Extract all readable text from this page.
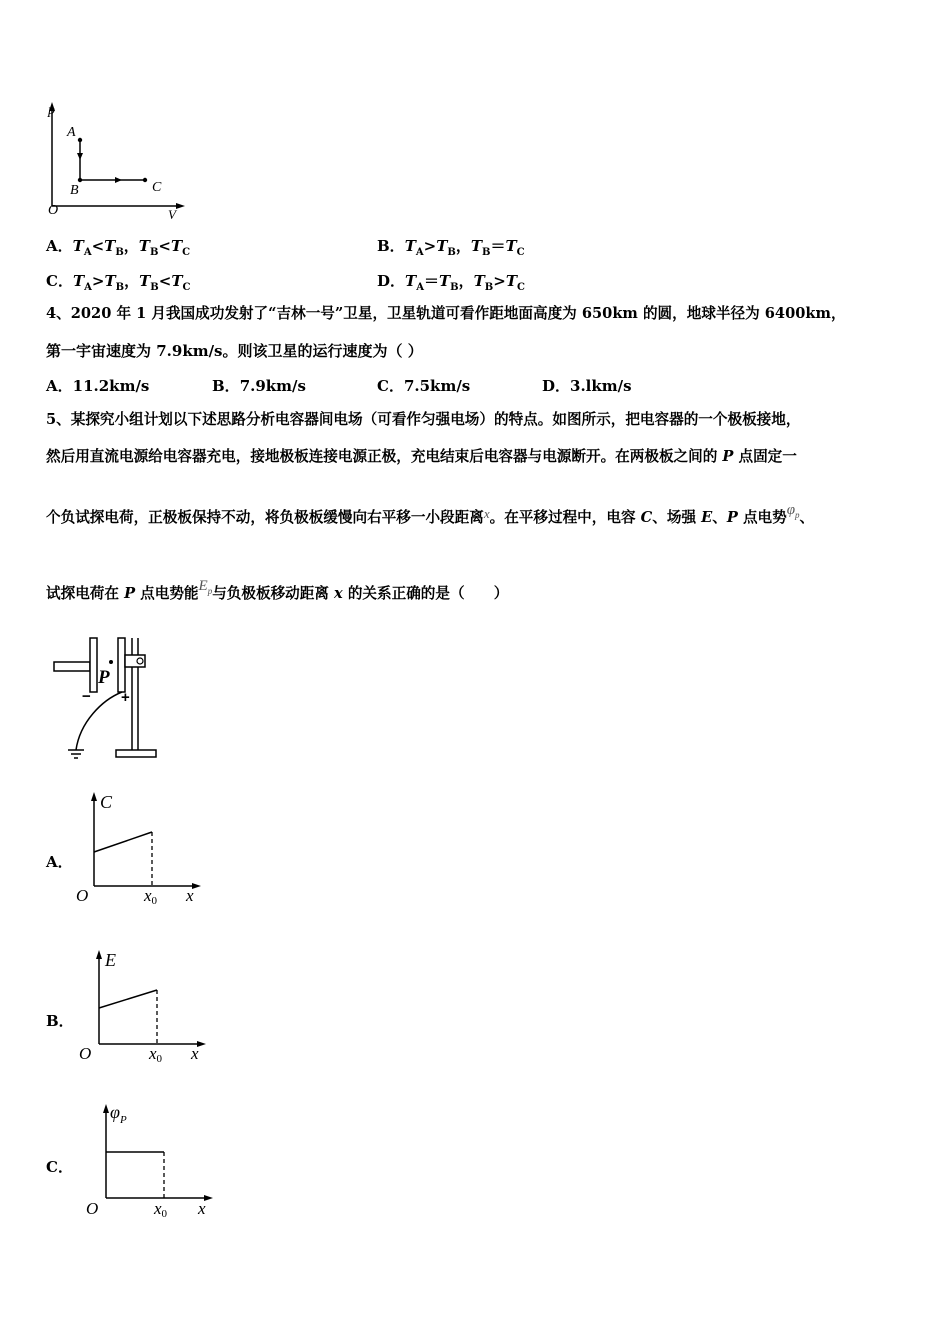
p
A
B	C
O	V
A．$T_A<T_B$，$T_B<T_C$	B．$T_A>T_B$，$T_B=T_C$
C．$T_A>T_B$，$T_B<T_C$	D．$T_A=T_B$，$T_B>T_C$
4、2020 年 1 月我国成功发射了“吉林一号”卫星，卫星轨道可看作距地面高度为 650km 的圆，地球半径为 6400km，
第一宇宙速度为 7.9km/s。则该卫星的运行速度为（ ）
A．11.2km/s	B．7.9km/s	C．7.5km/s	D．3.lkm/s
5、某探究小组计划以下述思路分析电容器间电场（可看作匀强电场）的特点。如图所示，把电容器的一个极板接地，
然后用直流电源给电容器充电，接地极板连接电源正极，充电结束后电容器与电源断开。在两极板之间的 P 点固定一
个负试探电荷，正极板保持不动，将负极板缓慢向右平移一小段距离x。在平移过程中，电容 C、场强 E、P 点电势$\varphi_p$、
试探电荷在 P 点电势能$E_p$与负极板移动距离 x 的关系正确的是（　　）
P
− +
A．
C
O	x0 x
B．
E
O	x0 x
C．
$\varphi_P$
O	x0 x
